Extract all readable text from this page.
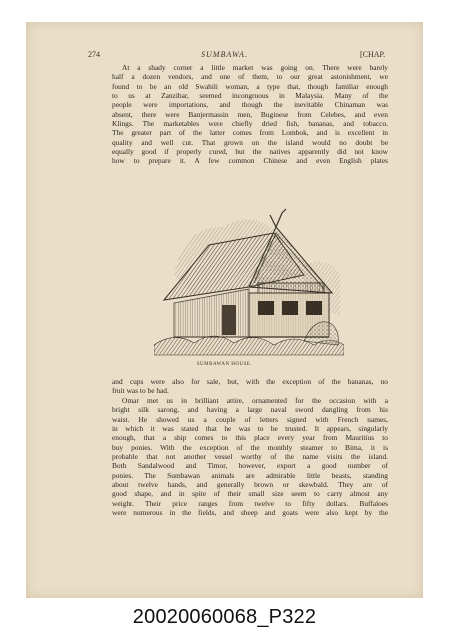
274	SUMBAWA.	[CHAP.
At a shady corner a little market was going on. There were barely
half a dozen vendors, and one of them, to our great astonishment, we
found to be an old Swahili woman, a type that, though familiar enough
to us at Zanzibar, seemed incongruous in Malaysia. Many of the
people were importations, and though the inevitable Chinaman was
absent, there were Banjermassin men, Buginese from Celebes, and even
Klings. The marketables were chiefly dried fish, bananas, and tobacco.
The greater part of the latter comes from Lombok, and is excellent in
quality and well cut. That grown on the island would no doubt be
equally good if properly cured, but the natives apparently did not know
how to prepare it. A few common Chinese and even English plates
SUMBAWAN HOUSE.
and cups were also for sale, but, with the exception of the bananas, no
fruit was to be had.
Omar met us in brilliant attire, ornamented for the occasion with a
bright silk sarong, and having a large naval sword dangling from his
waist. He showed us a couple of letters signed with French names,
in which it was stated that he was to be trusted. It appears, singularly
enough, that a ship comes to this place every year from Mauritius to
buy ponies. With the exception of the monthly steamer to Bima, it is
probable that not another vessel worthy of the name visits the island.
Both Sandalwood and Timor, however, export a good number of
ponies. The Sumbawan animals are admirable little beasts, standing
about twelve hands, and generally brown or skewbald. They are of
good shape, and in spite of their small size seem to carry almost any
weight. Their price ranges from twelve to fifty dollars. Buffaloes
were numerous in the fields, and sheep and goats were also kept by the
20020060068_P322
